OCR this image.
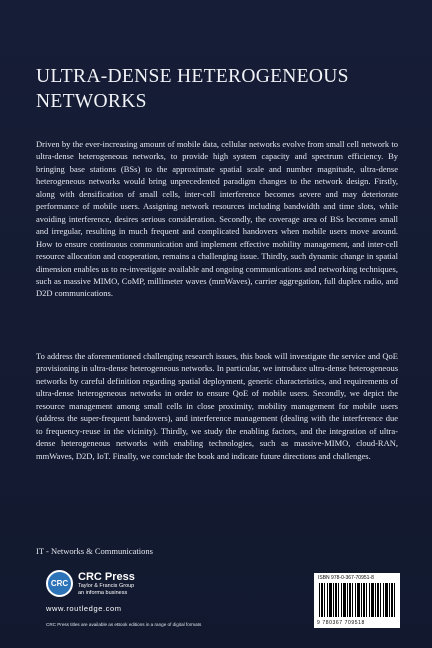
ULTRA-DENSE HETEROGENEOUS
NETWORKS
Driven by the ever-increasing amount of mobile data, cellular networks evolve from small cell network to ultra-dense heterogeneous networks, to provide high system capacity and spectrum efficiency. By bringing base stations (BSs) to the approximate spatial scale and number magnitude, ultra-dense heterogeneous networks would bring unprecedented paradigm changes to the network design. Firstly, along with densification of small cells, inter-cell interference becomes severe and may deteriorate performance of mobile users. Assigning network resources including bandwidth and time slots, while avoiding interference, desires serious consideration. Secondly, the coverage area of BSs becomes small and irregular, resulting in much frequent and complicated handovers when mobile users move around. How to ensure continuous communication and implement effective mobility management, and inter-cell resource allocation and cooperation, remains a challenging issue. Thirdly, such dynamic change in spatial dimension enables us to re-investigate available and ongoing communications and networking techniques, such as massive MIMO, CoMP, millimeter waves (mmWaves), carrier aggregation, full duplex radio, and D2D communications.
To address the aforementioned challenging research issues, this book will investigate the service and QoE provisioning in ultra-dense heterogeneous networks. In particular, we introduce ultra-dense heterogeneous networks by careful definition regarding spatial deployment, generic characteristics, and requirements of ultra-dense heterogeneous networks in order to ensure QoE of mobile users. Secondly, we depict the resource management among small cells in close proximity, mobility management for mobile users (address the super-frequent handovers), and interference management (dealing with the interference due to frequency-reuse in the vicinity). Thirdly, we study the enabling factors, and the integration of ultra-dense heterogeneous networks with enabling technologies, such as massive-MIMO, cloud-RAN, mmWaves, D2D, IoT. Finally, we conclude the book and indicate future directions and challenges.
IT - Networks & Communications
CRC
CRC Press
Taylor & Francis Group
an informa business
www.routledge.com
CRC Press titles are available as eBook editions in a range of digital formats
ISBN 978-0-367-70951-8
9 780367 709518
